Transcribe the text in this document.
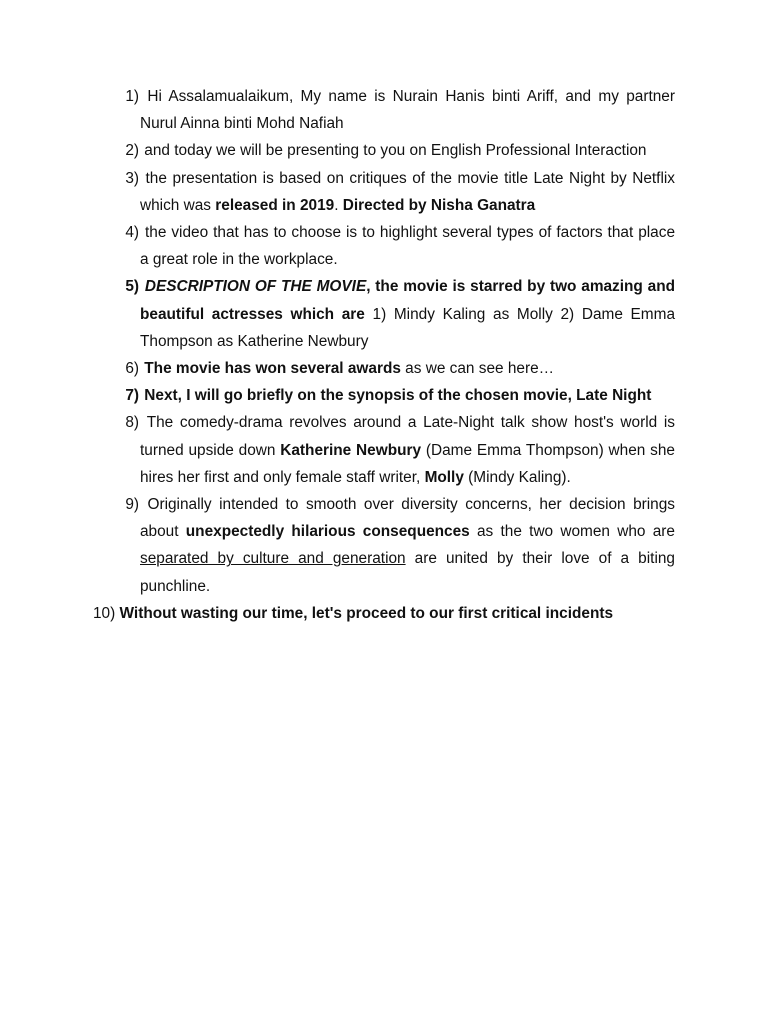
1) Hi Assalamualaikum, My name is Nurain Hanis binti Ariff, and my partner Nurul Ainna binti Mohd Nafiah
2) and today we will be presenting to you on English Professional Interaction
3) the presentation is based on critiques of the movie title Late Night by Netflix which was released in 2019. Directed by Nisha Ganatra
4) the video that has to choose is to highlight several types of factors that place a great role in the workplace.
5) DESCRIPTION OF THE MOVIE, the movie is starred by two amazing and beautiful actresses which are 1) Mindy Kaling as Molly 2) Dame Emma Thompson as Katherine Newbury
6) The movie has won several awards as we can see here…
7) Next, I will go briefly on the synopsis of the chosen movie, Late Night
8) The comedy-drama revolves around a Late-Night talk show host's world is turned upside down Katherine Newbury (Dame Emma Thompson) when she hires her first and only female staff writer, Molly (Mindy Kaling).
9) Originally intended to smooth over diversity concerns, her decision brings about unexpectedly hilarious consequences as the two women who are separated by culture and generation are united by their love of a biting punchline.
10) Without wasting our time, let's proceed to our first critical incidents
